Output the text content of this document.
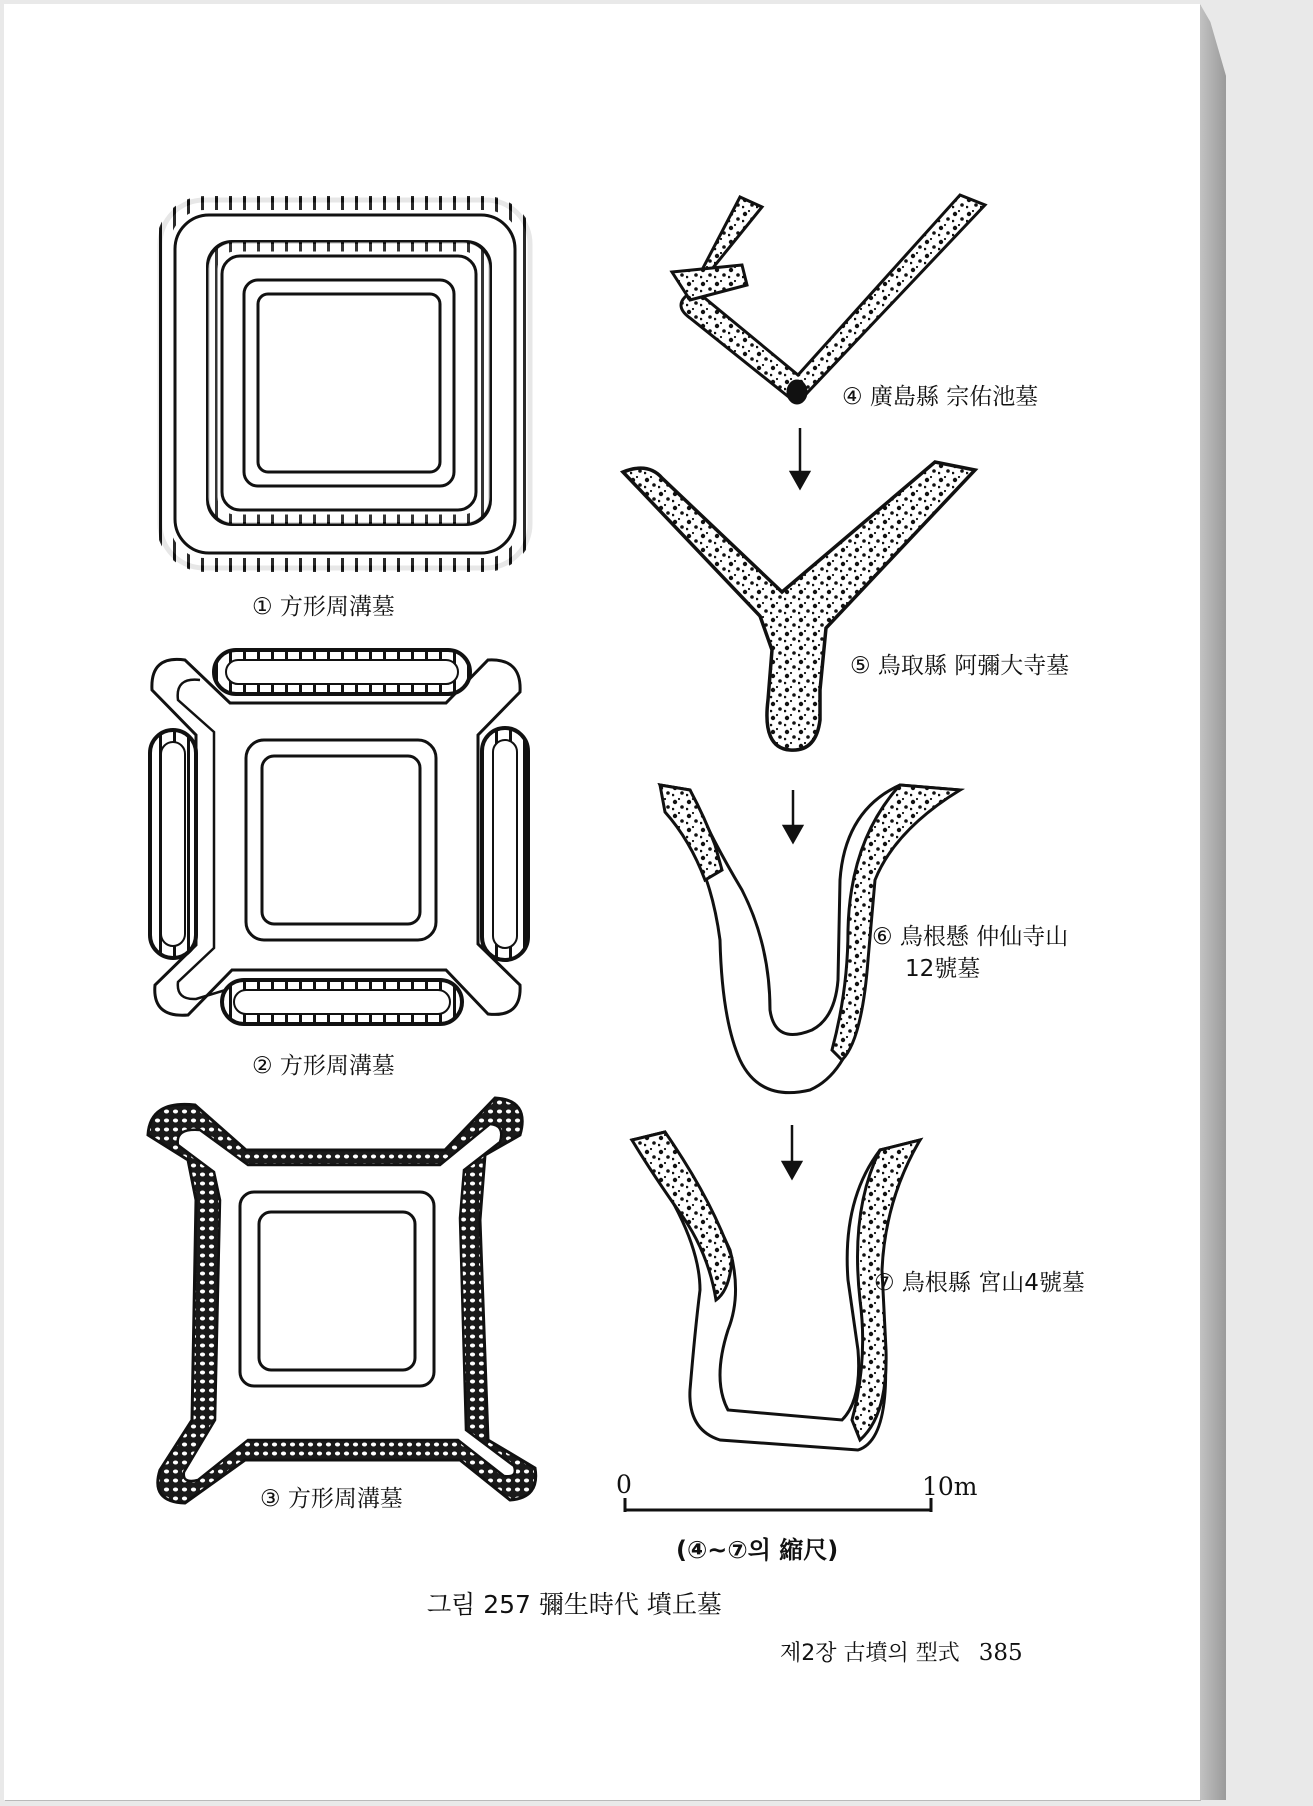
① 方形周溝墓
② 方形周溝墓
③ 方形周溝墓
④ 廣島縣 宗佑池墓
⑤ 鳥取縣 阿彌大寺墓
⑥ 鳥根懸 仲仙寺山
12號墓
⑦ 鳥根縣 宮山4號墓
0	10m
(④~⑦의 縮尺)
그림 257 彌生時代 墳丘墓
제2장 古墳의 型式 385
